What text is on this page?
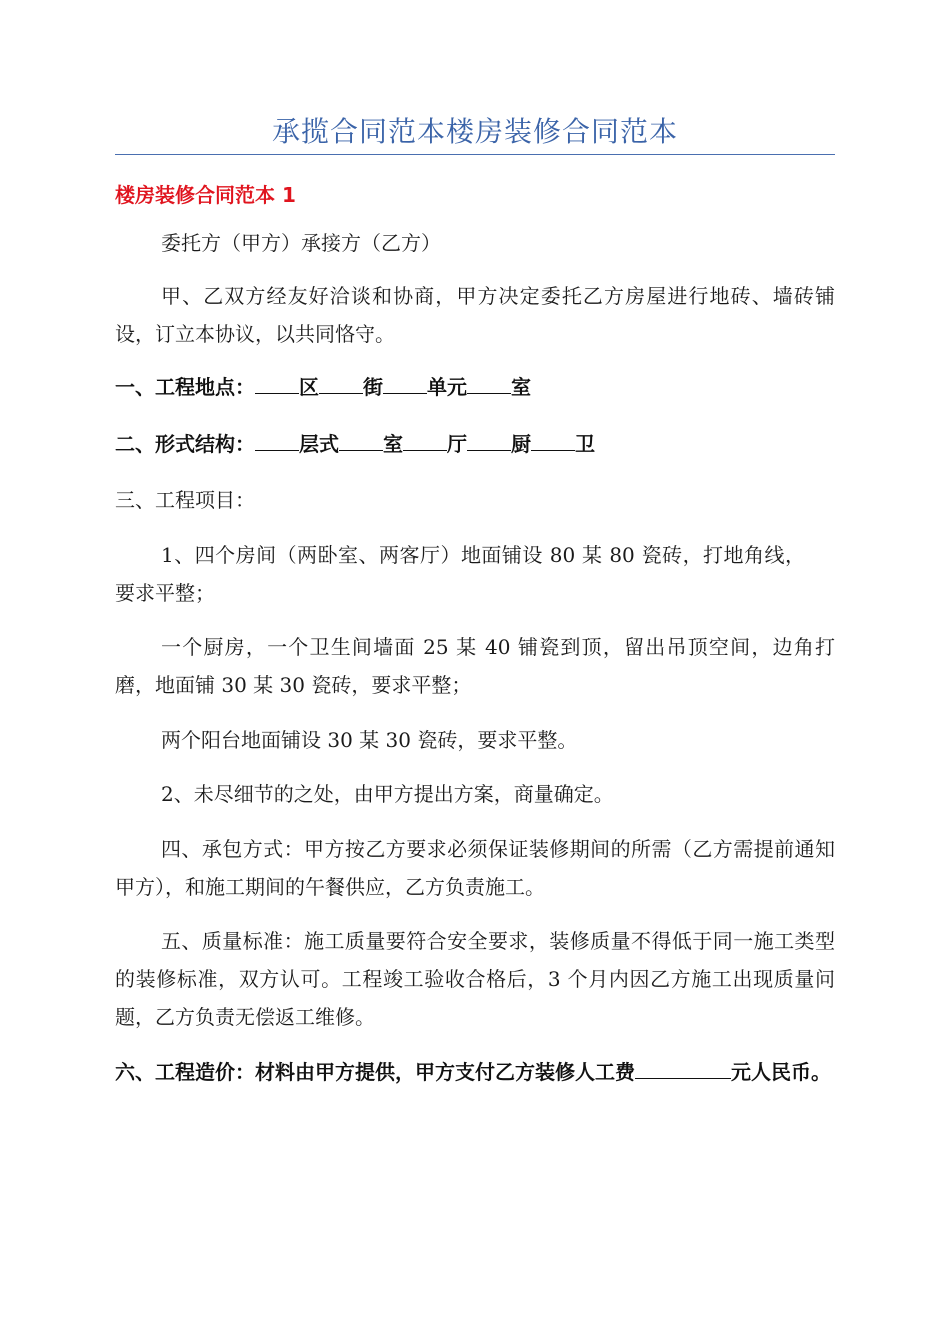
承揽合同范本楼房装修合同范本
楼房装修合同范本 1
委托方（甲方）承接方（乙方）
甲、乙双方经友好洽谈和协商，甲方决定委托乙方房屋进行地砖、墙砖铺设，订立本协议，以共同恪守。
一、工程地点： 区 街 单元 室
二、形式结构： 层式 室 厅 厨 卫
三、工程项目：
1、四个房间（两卧室、两客厅）地面铺设 80 某 80 瓷砖，打地角线，要求平整；
一个厨房，一个卫生间墙面 25 某 40 铺瓷到顶，留出吊顶空间，边角打磨，地面铺 30 某 30 瓷砖，要求平整；
两个阳台地面铺设 30 某 30 瓷砖，要求平整。
2、未尽细节的之处，由甲方提出方案，商量确定。
四、承包方式：甲方按乙方要求必须保证装修期间的所需（乙方需提前通知甲方），和施工期间的午餐供应，乙方负责施工。
五、质量标准：施工质量要符合安全要求，装修质量不得低于同一施工类型的装修标准，双方认可。工程竣工验收合格后，3 个月内因乙方施工出现质量问题，乙方负责无偿返工维修。
六、工程造价：材料由甲方提供，甲方支付乙方装修人工费	元人民币。
